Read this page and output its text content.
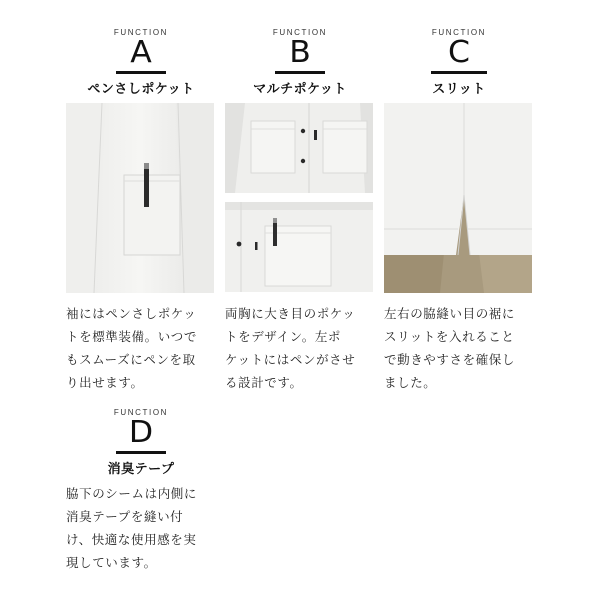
FUNCTION
A
ペンさしポケット
FUNCTION
B
マルチポケット
FUNCTION
C
スリット
袖にはペンさしポケッ
トを標準装備。いつで
もスムーズにペンを取
り出せます。
両胸に大き目のポケッ
トをデザイン。左ポ
ケットにはペンがさせ
る設計です。
左右の脇縫い目の裾に
スリットを入れること
で動きやすさを確保し
ました。
FUNCTION
D
消臭テープ
脇下のシームは内側に
消臭テープを縫い付
け、快適な使用感を実
現しています。
